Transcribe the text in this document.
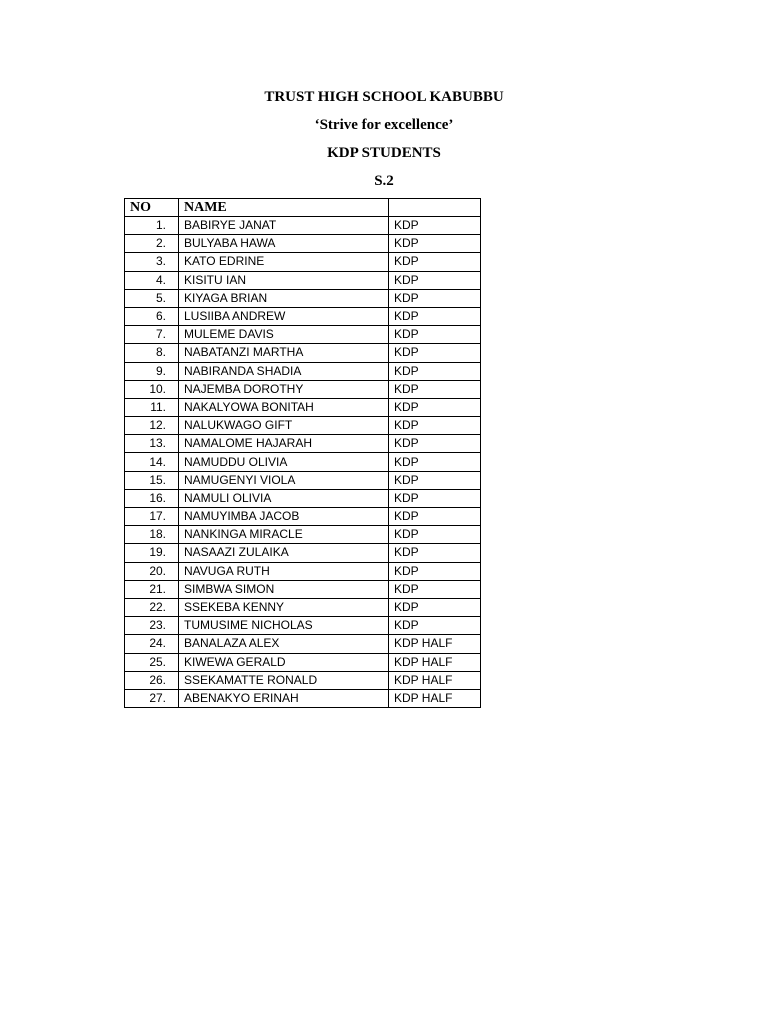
TRUST HIGH SCHOOL KABUBBU
‘Strive for excellence’
KDP STUDENTS
S.2
NO	NAME	
1.	BABIRYE JANAT	KDP
2.	BULYABA HAWA	KDP
3.	KATO EDRINE	KDP
4.	KISITU IAN	KDP
5.	KIYAGA BRIAN	KDP
6.	LUSIIBA ANDREW	KDP
7.	MULEME DAVIS	KDP
8.	NABATANZI MARTHA	KDP
9.	NABIRANDA SHADIA	KDP
10.	NAJEMBA DOROTHY	KDP
11.	NAKALYOWA BONITAH	KDP
12.	NALUKWAGO GIFT	KDP
13.	NAMALOME HAJARAH	KDP
14.	NAMUDDU OLIVIA	KDP
15.	NAMUGENYI VIOLA	KDP
16.	NAMULI OLIVIA	KDP
17.	NAMUYIMBA JACOB	KDP
18.	NANKINGA MIRACLE	KDP
19.	NASAAZI ZULAIKA	KDP
20.	NAVUGA RUTH	KDP
21.	SIMBWA SIMON	KDP
22.	SSEKEBA KENNY	KDP
23.	TUMUSIME NICHOLAS	KDP
24.	BANALAZA ALEX	KDP HALF
25.	KIWEWA GERALD	KDP HALF
26.	SSEKAMATTE RONALD	KDP HALF
27.	ABENAKYO ERINAH	KDP HALF
